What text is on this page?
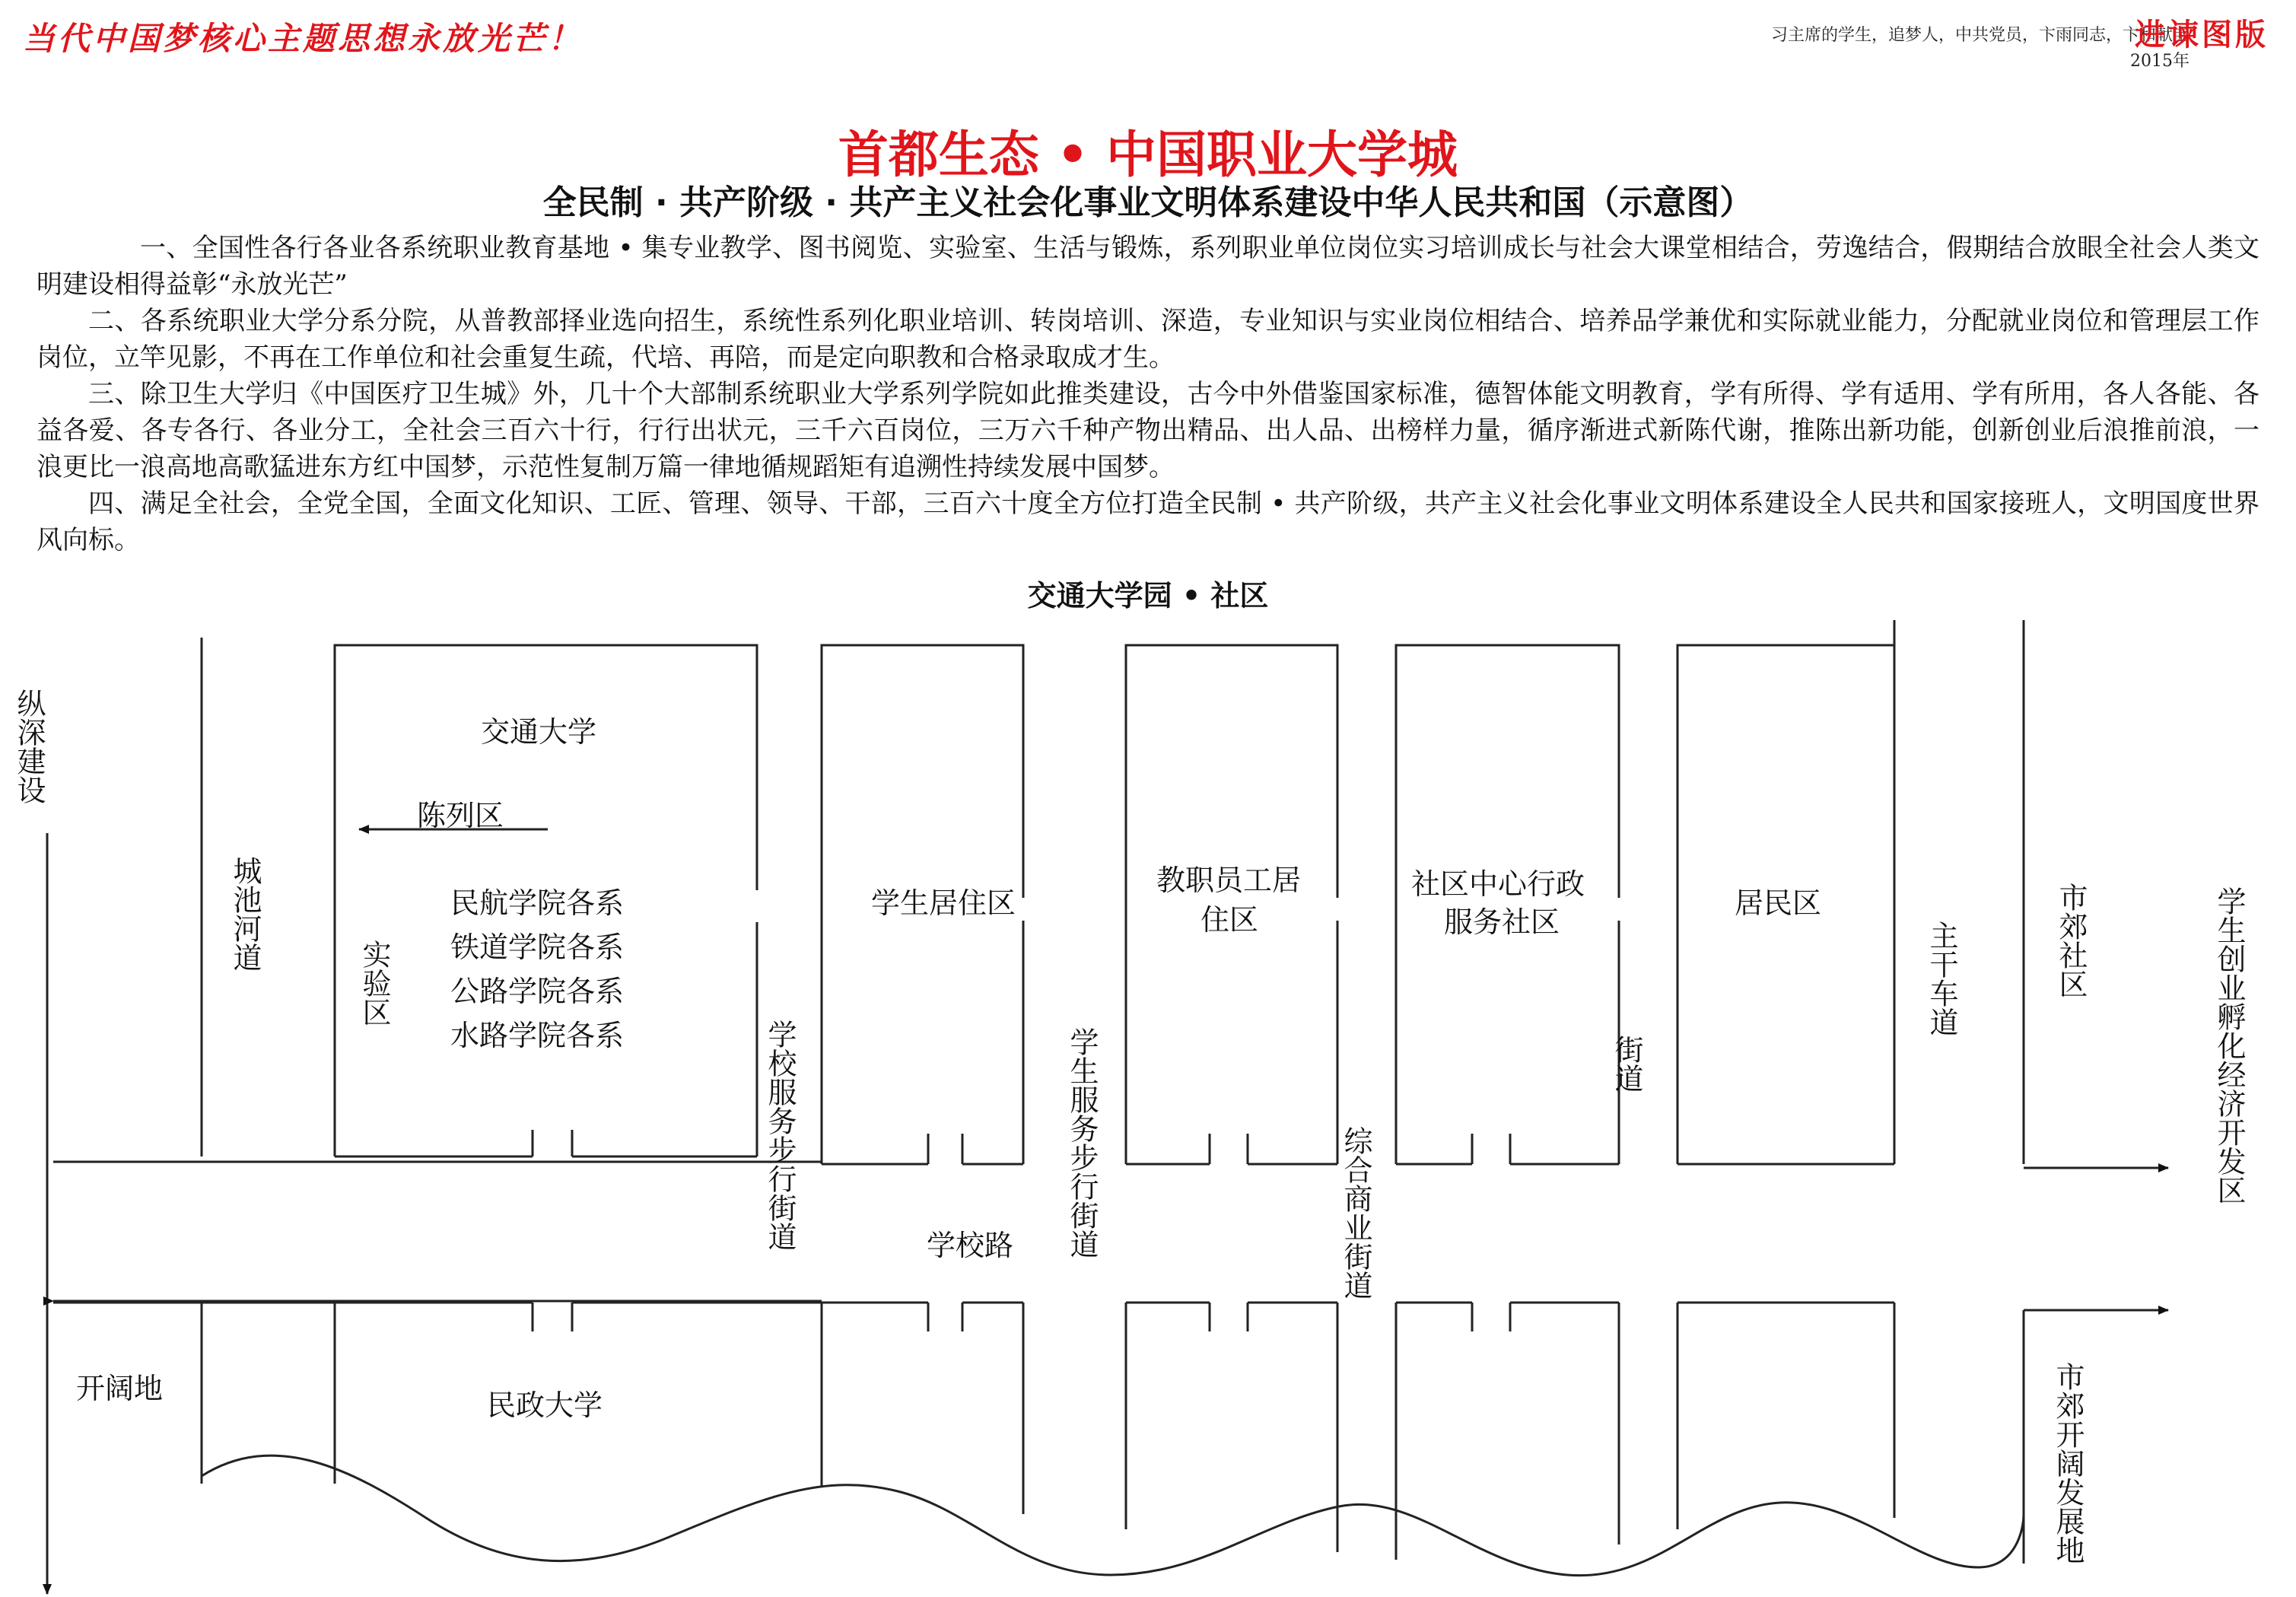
当代中国梦核心主题思想永放光芒！	习主席的学生，追梦人，中共党员，卞雨同志，卞和献宝
2015年
进谏图版
首都生态 • 中国职业大学城
全民制 · 共产阶级 · 共产主义社会化事业文明体系建设中华人民共和国（示意图）

一、全国性各行各业各系统职业教育基地 • 集专业教学、图书阅览、实验室、生活与锻炼，系列职业单位岗位实习培训成长与社会大课堂相结合，劳逸结合，假期结合放眼全社会人类文明建设相得益彰“永放光芒”

二、各系统职业大学分系分院，从普教部择业选向招生，系统性系列化职业培训、转岗培训、深造，专业知识与实业岗位相结合、培养品学兼优和实际就业能力，分配就业岗位和管理层工作岗位，立竿见影，不再在工作单位和社会重复生疏，代培、再陪，而是定向职教和合格录取成才生。

三、除卫生大学归《中国医疗卫生城》外，几十个大部制系统职业大学系列学院如此推类建设，古今中外借鉴国家标准，德智体能文明教育，学有所得、学有适用、学有所用，各人各能、各益各爱、各专各行、各业分工，全社会三百六十行，行行出状元，三千六百岗位，三万六千种产物出精品、出人品、出榜样力量，循序渐进式新陈代谢，推陈出新功能，创新创业后浪推前浪，一浪更比一浪高地高歌猛进东方红中国梦，示范性复制万篇一律地循规蹈矩有追溯性持续发展中国梦。

四、满足全社会，全党全国，全面文化知识、工匠、管理、领导、干部，三百六十度全方位打造全民制 • 共产阶级，共产主义社会化事业文明体系建设全人民共和国家接班人，文明国度世界风向标。

交通大学园 • 社区
纵深建设
城池河道
交通大学
陈列区
实验区
民航学院各系
铁道学院各系
公路学院各系
水路学院各系	学校服务步行街道
学生居住区
学校路 学生服务步行街道
教职员工居
住区
综合商业街道
社区中心行政
服务社区
街道
居民区
主干车道	市郊社区	学生创业孵化经济开发区
市郊开阔发展地
开阔地	民政大学
